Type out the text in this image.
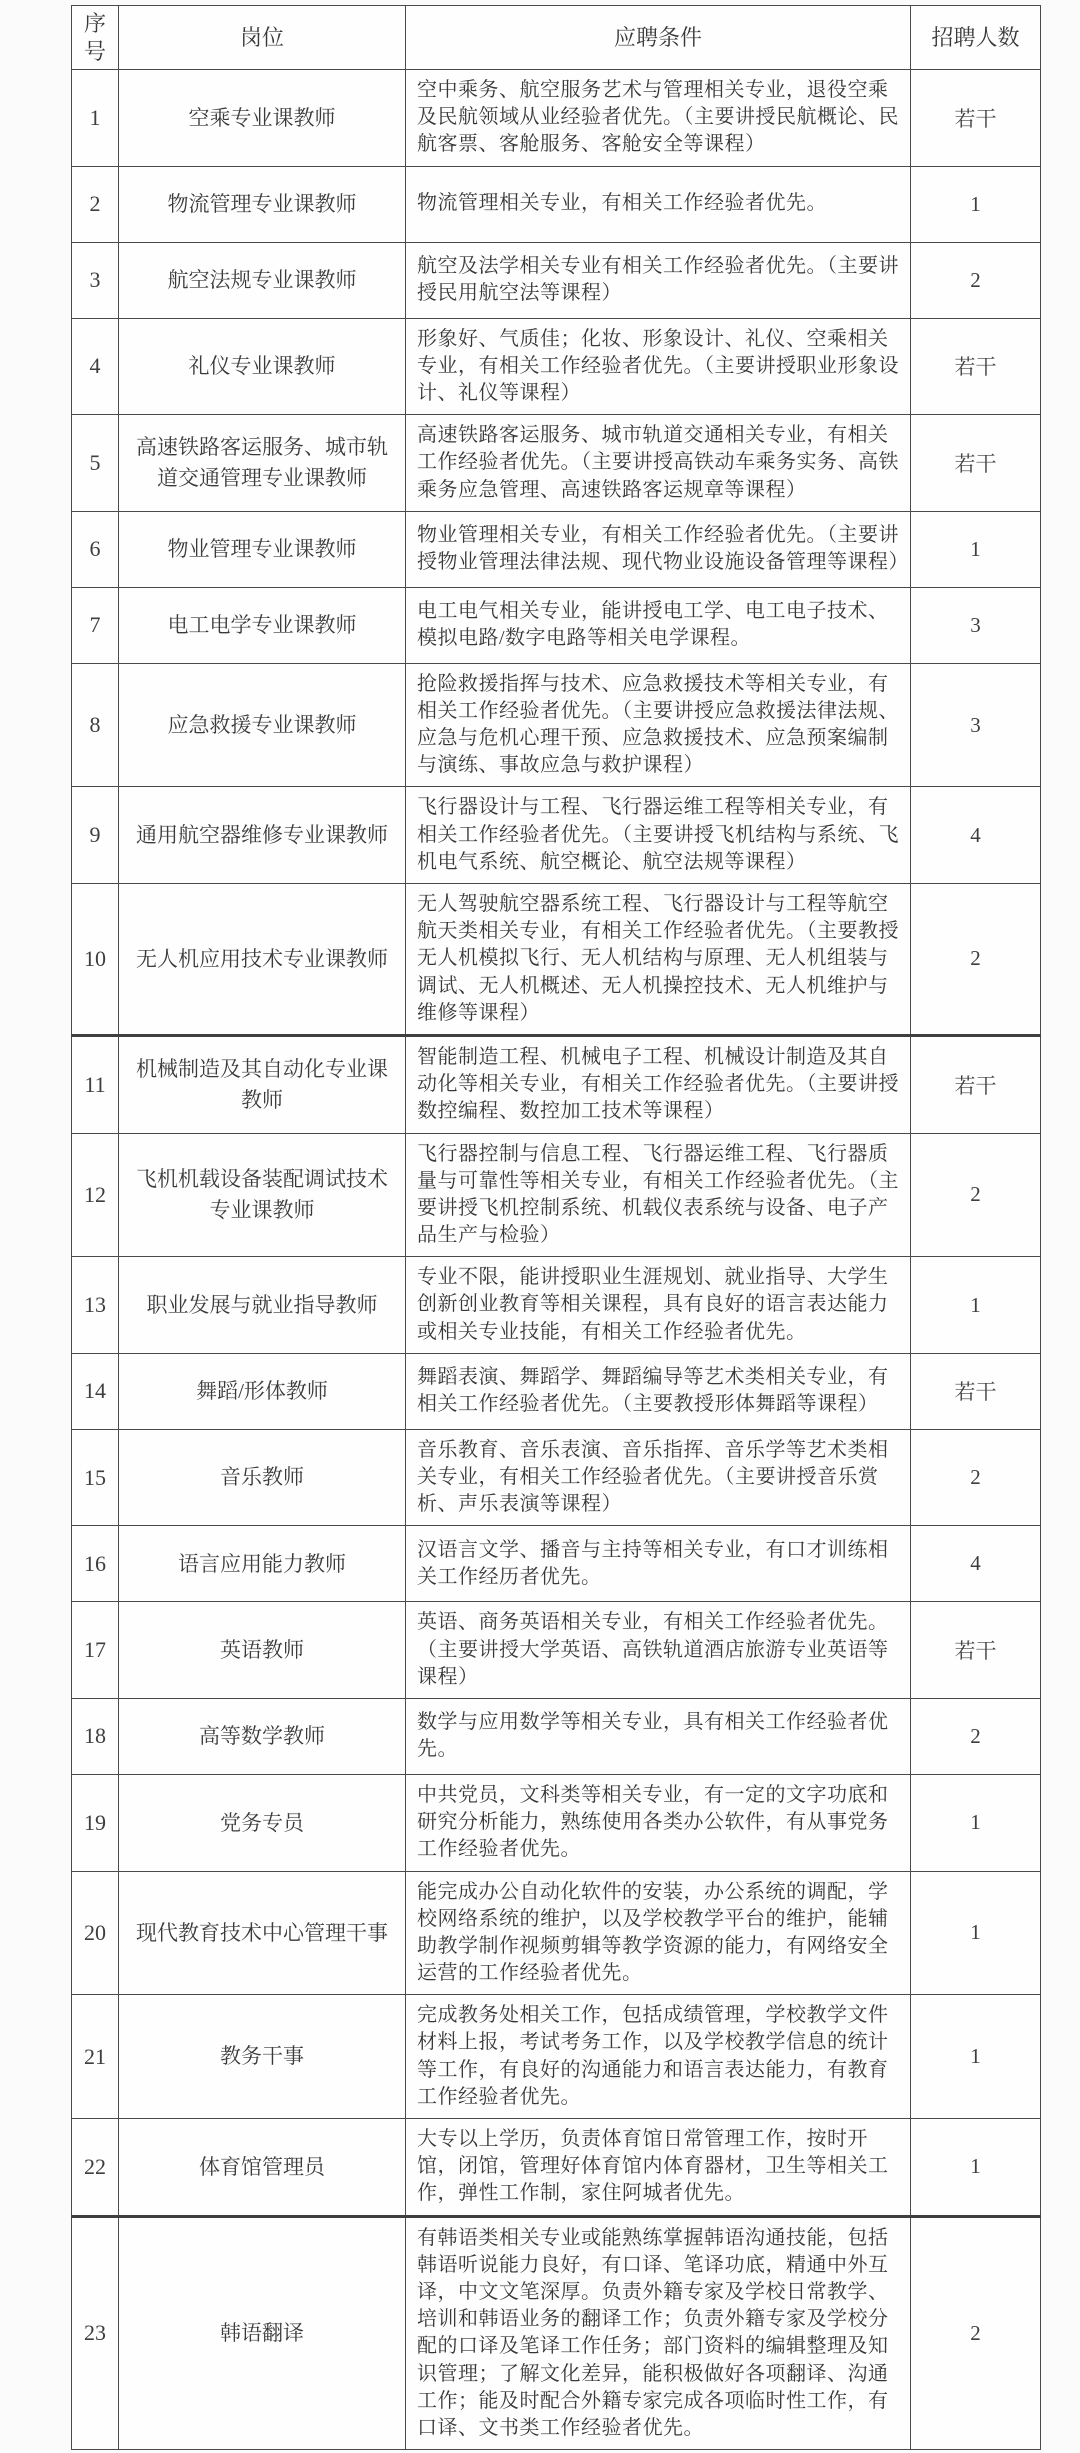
序号	岗位	应聘条件	招聘人数
1	空乘专业课教师	空中乘务、航空服务艺术与管理相关专业，退役空乘及民航领域从业经验者优先。（主要讲授民航概论、民航客票、客舱服务、客舱安全等课程）	若干
2	物流管理专业课教师	物流管理相关专业，有相关工作经验者优先。	1
3	航空法规专业课教师	航空及法学相关专业有相关工作经验者优先。（主要讲授民用航空法等课程）	2
4	礼仪专业课教师	形象好、气质佳；化妆、形象设计、礼仪、空乘相关专业，有相关工作经验者优先。（主要讲授职业形象设计、礼仪等课程）	若干
5	高速铁路客运服务、城市轨道交通管理专业课教师	高速铁路客运服务、城市轨道交通相关专业，有相关工作经验者优先。（主要讲授高铁动车乘务实务、高铁乘务应急管理、高速铁路客运规章等课程）	若干
6	物业管理专业课教师	物业管理相关专业，有相关工作经验者优先。（主要讲授物业管理法律法规、现代物业设施设备管理等课程）	1
7	电工电学专业课教师	电工电气相关专业，能讲授电工学、电工电子技术、模拟电路/数字电路等相关电学课程。	3
8	应急救援专业课教师	抢险救援指挥与技术、应急救援技术等相关专业，有相关工作经验者优先。（主要讲授应急救援法律法规、应急与危机心理干预、应急救援技术、应急预案编制与演练、事故应急与救护课程）	3
9	通用航空器维修专业课教师	飞行器设计与工程、飞行器运维工程等相关专业，有相关工作经验者优先。（主要讲授飞机结构与系统、飞机电气系统、航空概论、航空法规等课程）	4
10	无人机应用技术专业课教师	无人驾驶航空器系统工程、飞行器设计与工程等航空航天类相关专业，有相关工作经验者优先。（主要教授无人机模拟飞行、无人机结构与原理、无人机组装与调试、无人机概述、无人机操控技术、无人机维护与维修等课程）	2
11	机械制造及其自动化专业课教师	智能制造工程、机械电子工程、机械设计制造及其自动化等相关专业，有相关工作经验者优先。（主要讲授数控编程、数控加工技术等课程）	若干
12	飞机机载设备装配调试技术专业课教师	飞行器控制与信息工程、飞行器运维工程、飞行器质量与可靠性等相关专业，有相关工作经验者优先。（主要讲授飞机控制系统、机载仪表系统与设备、电子产品生产与检验）	2
13	职业发展与就业指导教师	专业不限，能讲授职业生涯规划、就业指导、大学生创新创业教育等相关课程，具有良好的语言表达能力或相关专业技能，有相关工作经验者优先。	1
14	舞蹈/形体教师	舞蹈表演、舞蹈学、舞蹈编导等艺术类相关专业，有相关工作经验者优先。（主要教授形体舞蹈等课程）	若干
15	音乐教师	音乐教育、音乐表演、音乐指挥、音乐学等艺术类相关专业，有相关工作经验者优先。（主要讲授音乐赏析、声乐表演等课程）	2
16	语言应用能力教师	汉语言文学、播音与主持等相关专业，有口才训练相关工作经历者优先。	4
17	英语教师	英语、商务英语相关专业，有相关工作经验者优先。（主要讲授大学英语、高铁轨道酒店旅游专业英语等课程）	若干
18	高等数学教师	数学与应用数学等相关专业，具有相关工作经验者优先。	2
19	党务专员	中共党员，文科类等相关专业，有一定的文字功底和研究分析能力，熟练使用各类办公软件，有从事党务工作经验者优先。	1
20	现代教育技术中心管理干事	能完成办公自动化软件的安装，办公系统的调配，学校网络系统的维护，以及学校教学平台的维护，能辅助教学制作视频剪辑等教学资源的能力，有网络安全运营的工作经验者优先。	1
21	教务干事	完成教务处相关工作，包括成绩管理，学校教学文件材料上报，考试考务工作，以及学校教学信息的统计等工作，有良好的沟通能力和语言表达能力，有教育工作经验者优先。	1
22	体育馆管理员	大专以上学历，负责体育馆日常管理工作，按时开馆，闭馆，管理好体育馆内体育器材，卫生等相关工作，弹性工作制，家住阿城者优先。	1
23	韩语翻译	有韩语类相关专业或能熟练掌握韩语沟通技能，包括韩语听说能力良好，有口译、笔译功底，精通中外互译，中文文笔深厚。负责外籍专家及学校日常教学、培训和韩语业务的翻译工作；负责外籍专家及学校分配的口译及笔译工作任务；部门资料的编辑整理及知识管理；了解文化差异，能积极做好各项翻译、沟通工作；能及时配合外籍专家完成各项临时性工作，有口译、文书类工作经验者优先。	2
